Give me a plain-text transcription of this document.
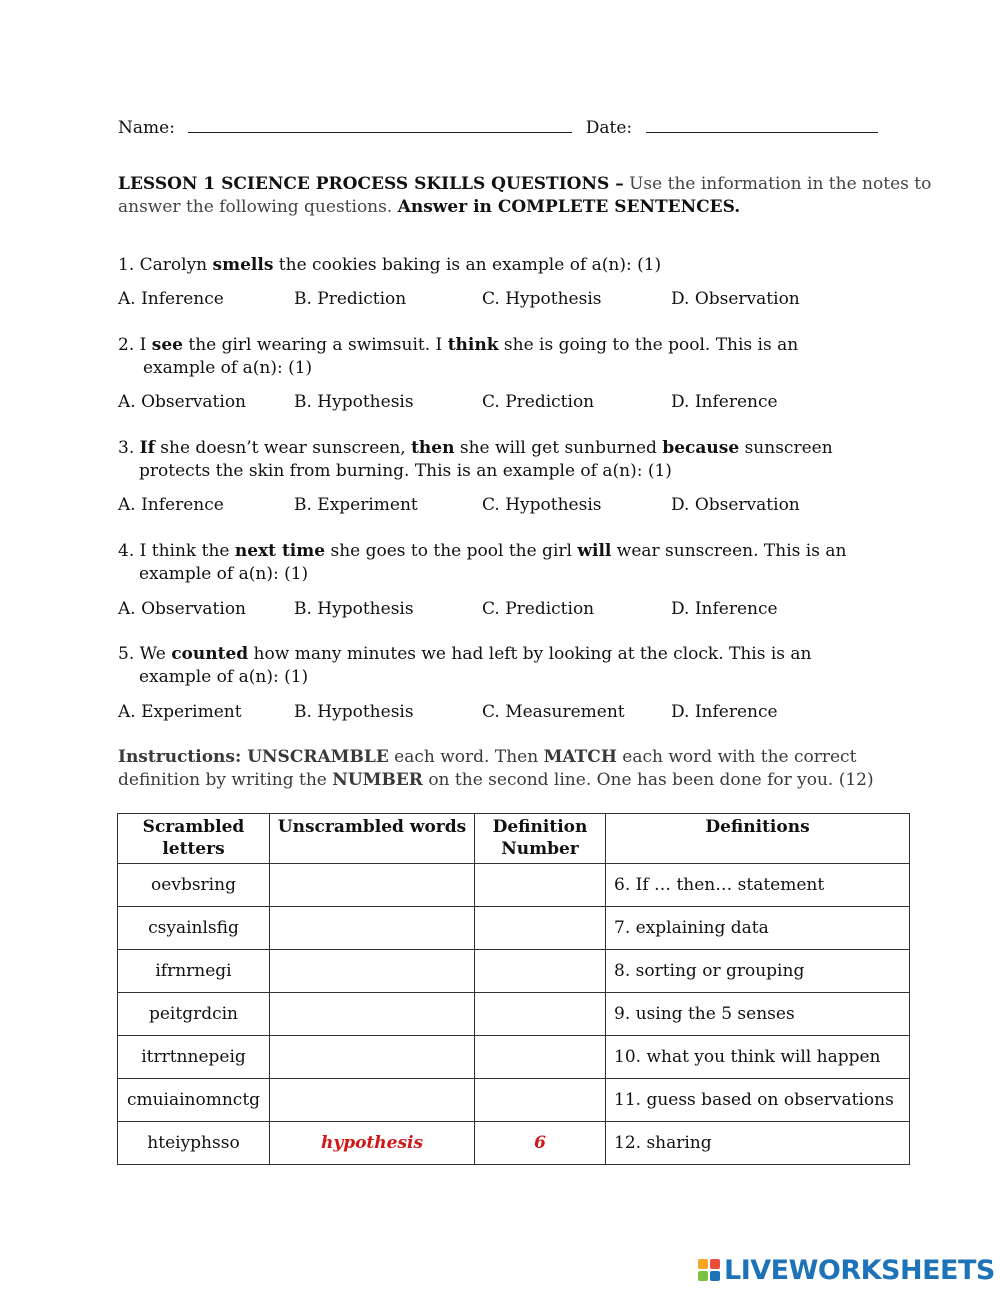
Name:	Date:
LESSON 1 SCIENCE PROCESS SKILLS QUESTIONS – Use the information in the notes to
answer the following questions. Answer in COMPLETE SENTENCES.
1. Carolyn smells the cookies baking is an example of a(n): (1)
A. Inference	B. Prediction	C. Hypothesis	D. Observation
2. I see the girl wearing a swimsuit. I think she is going to the pool. This is an
example of a(n): (1)
A. Observation	B. Hypothesis	C. Prediction	D. Inference
3. If she doesn’t wear sunscreen, then she will get sunburned because sunscreen
protects the skin from burning. This is an example of a(n): (1)
A. Inference	B. Experiment	C. Hypothesis	D. Observation
4. I think the next time she goes to the pool the girl will wear sunscreen. This is an
example of a(n): (1)
A. Observation	B. Hypothesis	C. Prediction	D. Inference
5. We counted how many minutes we had left by looking at the clock. This is an
example of a(n): (1)
A. Experiment	B. Hypothesis	C. Measurement	D. Inference
Instructions: UNSCRAMBLE each word. Then MATCH each word with the correct
definition by writing the NUMBER on the second line. One has been done for you. (12)
Scrambled letters	Unscrambled words	Definition Number	Definitions
oevbsring			6. If … then… statement
csyainlsfig			7. explaining data
ifrnrnegi			8. sorting or grouping
peitgrdcin			9. using the 5 senses
itrrtnnepeig			10. what you think will happen
cmuiainomnctg			11. guess based on observations
hteiyphsso	hypothesis	6	12. sharing
LIVEWORKSHEETS
